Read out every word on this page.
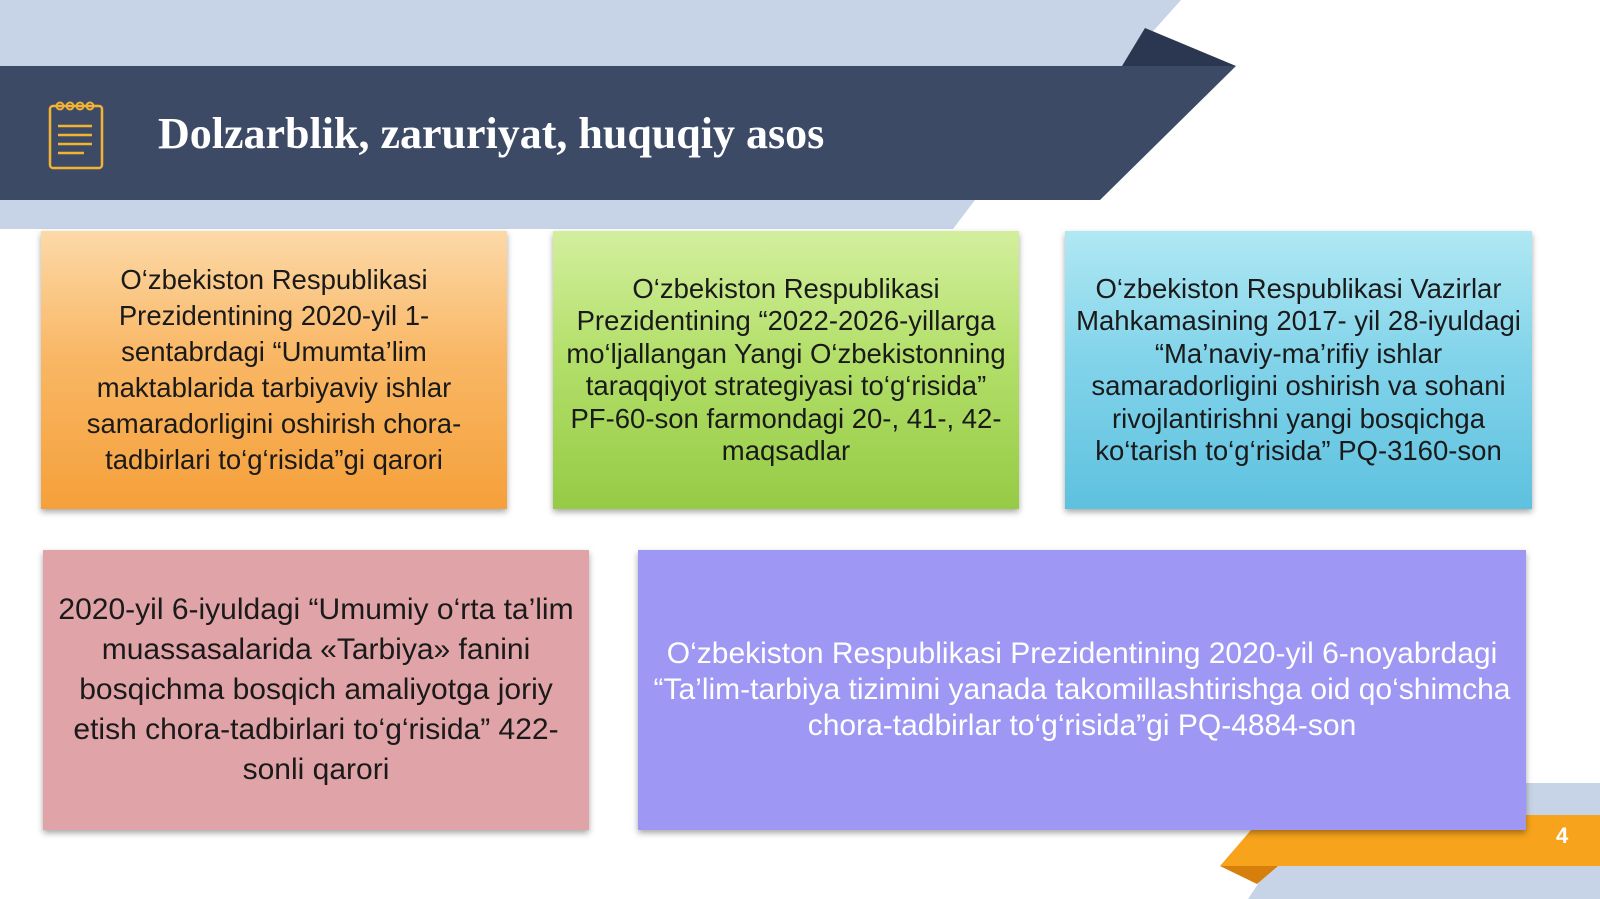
Dolzarblik, zaruriyat, huquqiy asos
O‘zbekiston Respublikasi Prezidentining 2020-yil 1-sentabrdagi “Umumta’lim maktablarida tarbiyaviy ishlar samaradorligini oshirish chora-tadbirlari to‘g‘risida”gi qarori
O‘zbekiston Respublikasi Prezidentining “2022-2026-yillarga mo‘ljallangan Yangi O‘zbekistonning taraqqiyot strategiyasi to‘g‘risida” PF-60-son farmondagi 20-, 41-, 42-maqsadlar
O‘zbekiston Respublikasi Vazirlar Mahkamasining 2017- yil 28-iyuldagi “Ma’naviy-ma’rifiy ishlar samaradorligini oshirish va sohani rivojlantirishni yangi bosqichga ko‘tarish to‘g‘risida” PQ-3160-son
2020-yil 6-iyuldagi “Umumiy o‘rta ta’lim muassasalarida «Tarbiya» fanini bosqichma bosqich amaliyotga joriy etish chora-tadbirlari to‘g‘risida” 422-sonli qarori
O‘zbekiston Respublikasi Prezidentining 2020-yil 6-noyabrdagi “Ta’lim-tarbiya tizimini yanada takomillashtirishga oid qo‘shimcha chora-tadbirlar to‘g‘risida”gi PQ-4884-son
4
